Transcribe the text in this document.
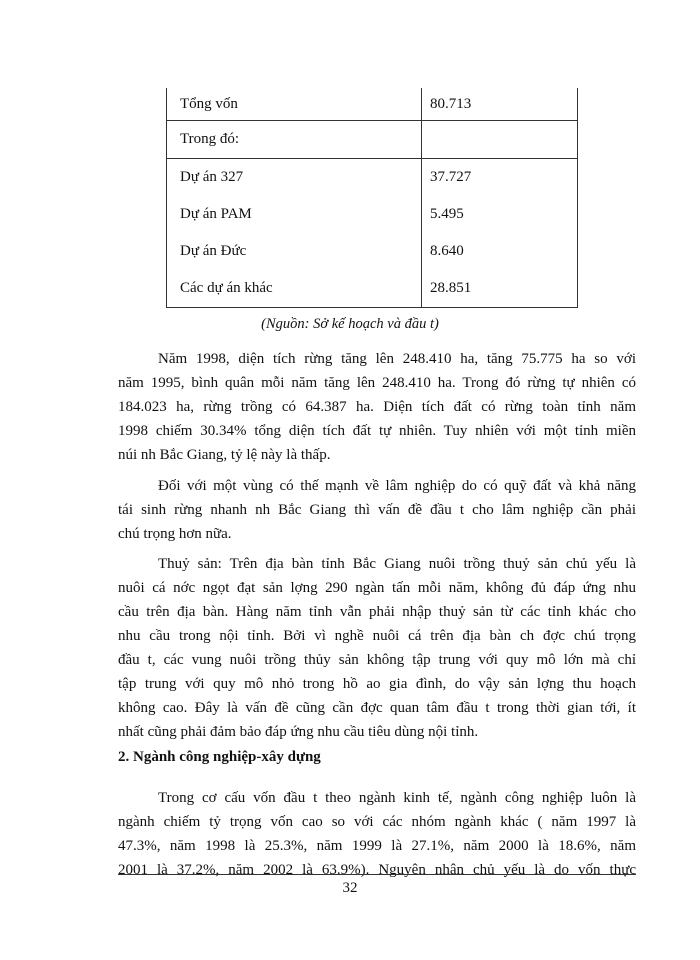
Tổng vốn	80.713
Trong đó:
Dự án 327	37.727
Dự án PAM	5.495
Dự án Đức	8.640
Các dự án khác	28.851
(Nguồn: Sở kế hoạch và đầu t)

Năm 1998, diện tích rừng tăng lên 248.410 ha, tăng 75.775 ha so với
năm 1995, bình quân mỗi năm tăng lên 248.410 ha. Trong đó rừng tự nhiên có
184.023 ha, rừng trồng có 64.387 ha. Diện tích đất có rừng toàn tỉnh năm
1998 chiếm 30.34% tổng diện tích đất tự nhiên. Tuy nhiên với một tỉnh miền
núi nh Bắc Giang, tỷ lệ này là thấp.

Đối với một vùng có thế mạnh về lâm nghiệp do có quỹ đất và khả năng
tái sinh rừng nhanh nh Bắc Giang thì vấn đề đầu t cho lâm nghiệp cần phải
chú trọng hơn nữa.

Thuỷ sản: Trên địa bàn tỉnh Bắc Giang nuôi trồng thuỷ sản chủ yếu là
nuôi cá nớc ngọt đạt sản lợng 290 ngàn tấn mỗi năm, không đủ đáp ứng nhu
cầu trên địa bàn. Hàng năm tỉnh vẫn phải nhập thuỷ sản từ các tỉnh khác cho
nhu cầu trong nội tỉnh. Bởi vì nghề nuôi cá trên địa bàn ch đợc chú trọng
đầu t, các vung nuôi trồng thủy sản không tập trung với quy mô lớn mà chỉ
tập trung với quy mô nhỏ trong hồ ao gia đình, do vậy sản lợng thu hoạch
không cao. Đây là vấn đề cũng cần đợc quan tâm đầu t trong thời gian tới, ít
nhất cũng phải đảm bảo đáp ứng nhu cầu tiêu dùng nội tỉnh.

2. Ngành công nghiệp-xây dựng

Trong cơ cấu vốn đầu t theo ngành kinh tế, ngành công nghiệp luôn là
ngành chiếm tỷ trọng vốn cao so với các nhóm ngành khác ( năm 1997 là
47.3%, năm 1998 là 25.3%, năm 1999 là 27.1%, năm 2000 là 18.6%, năm
2001 là 37.2%, năm 2002 là 63.9%). Nguyên nhân chủ yếu là do vốn thực

32
